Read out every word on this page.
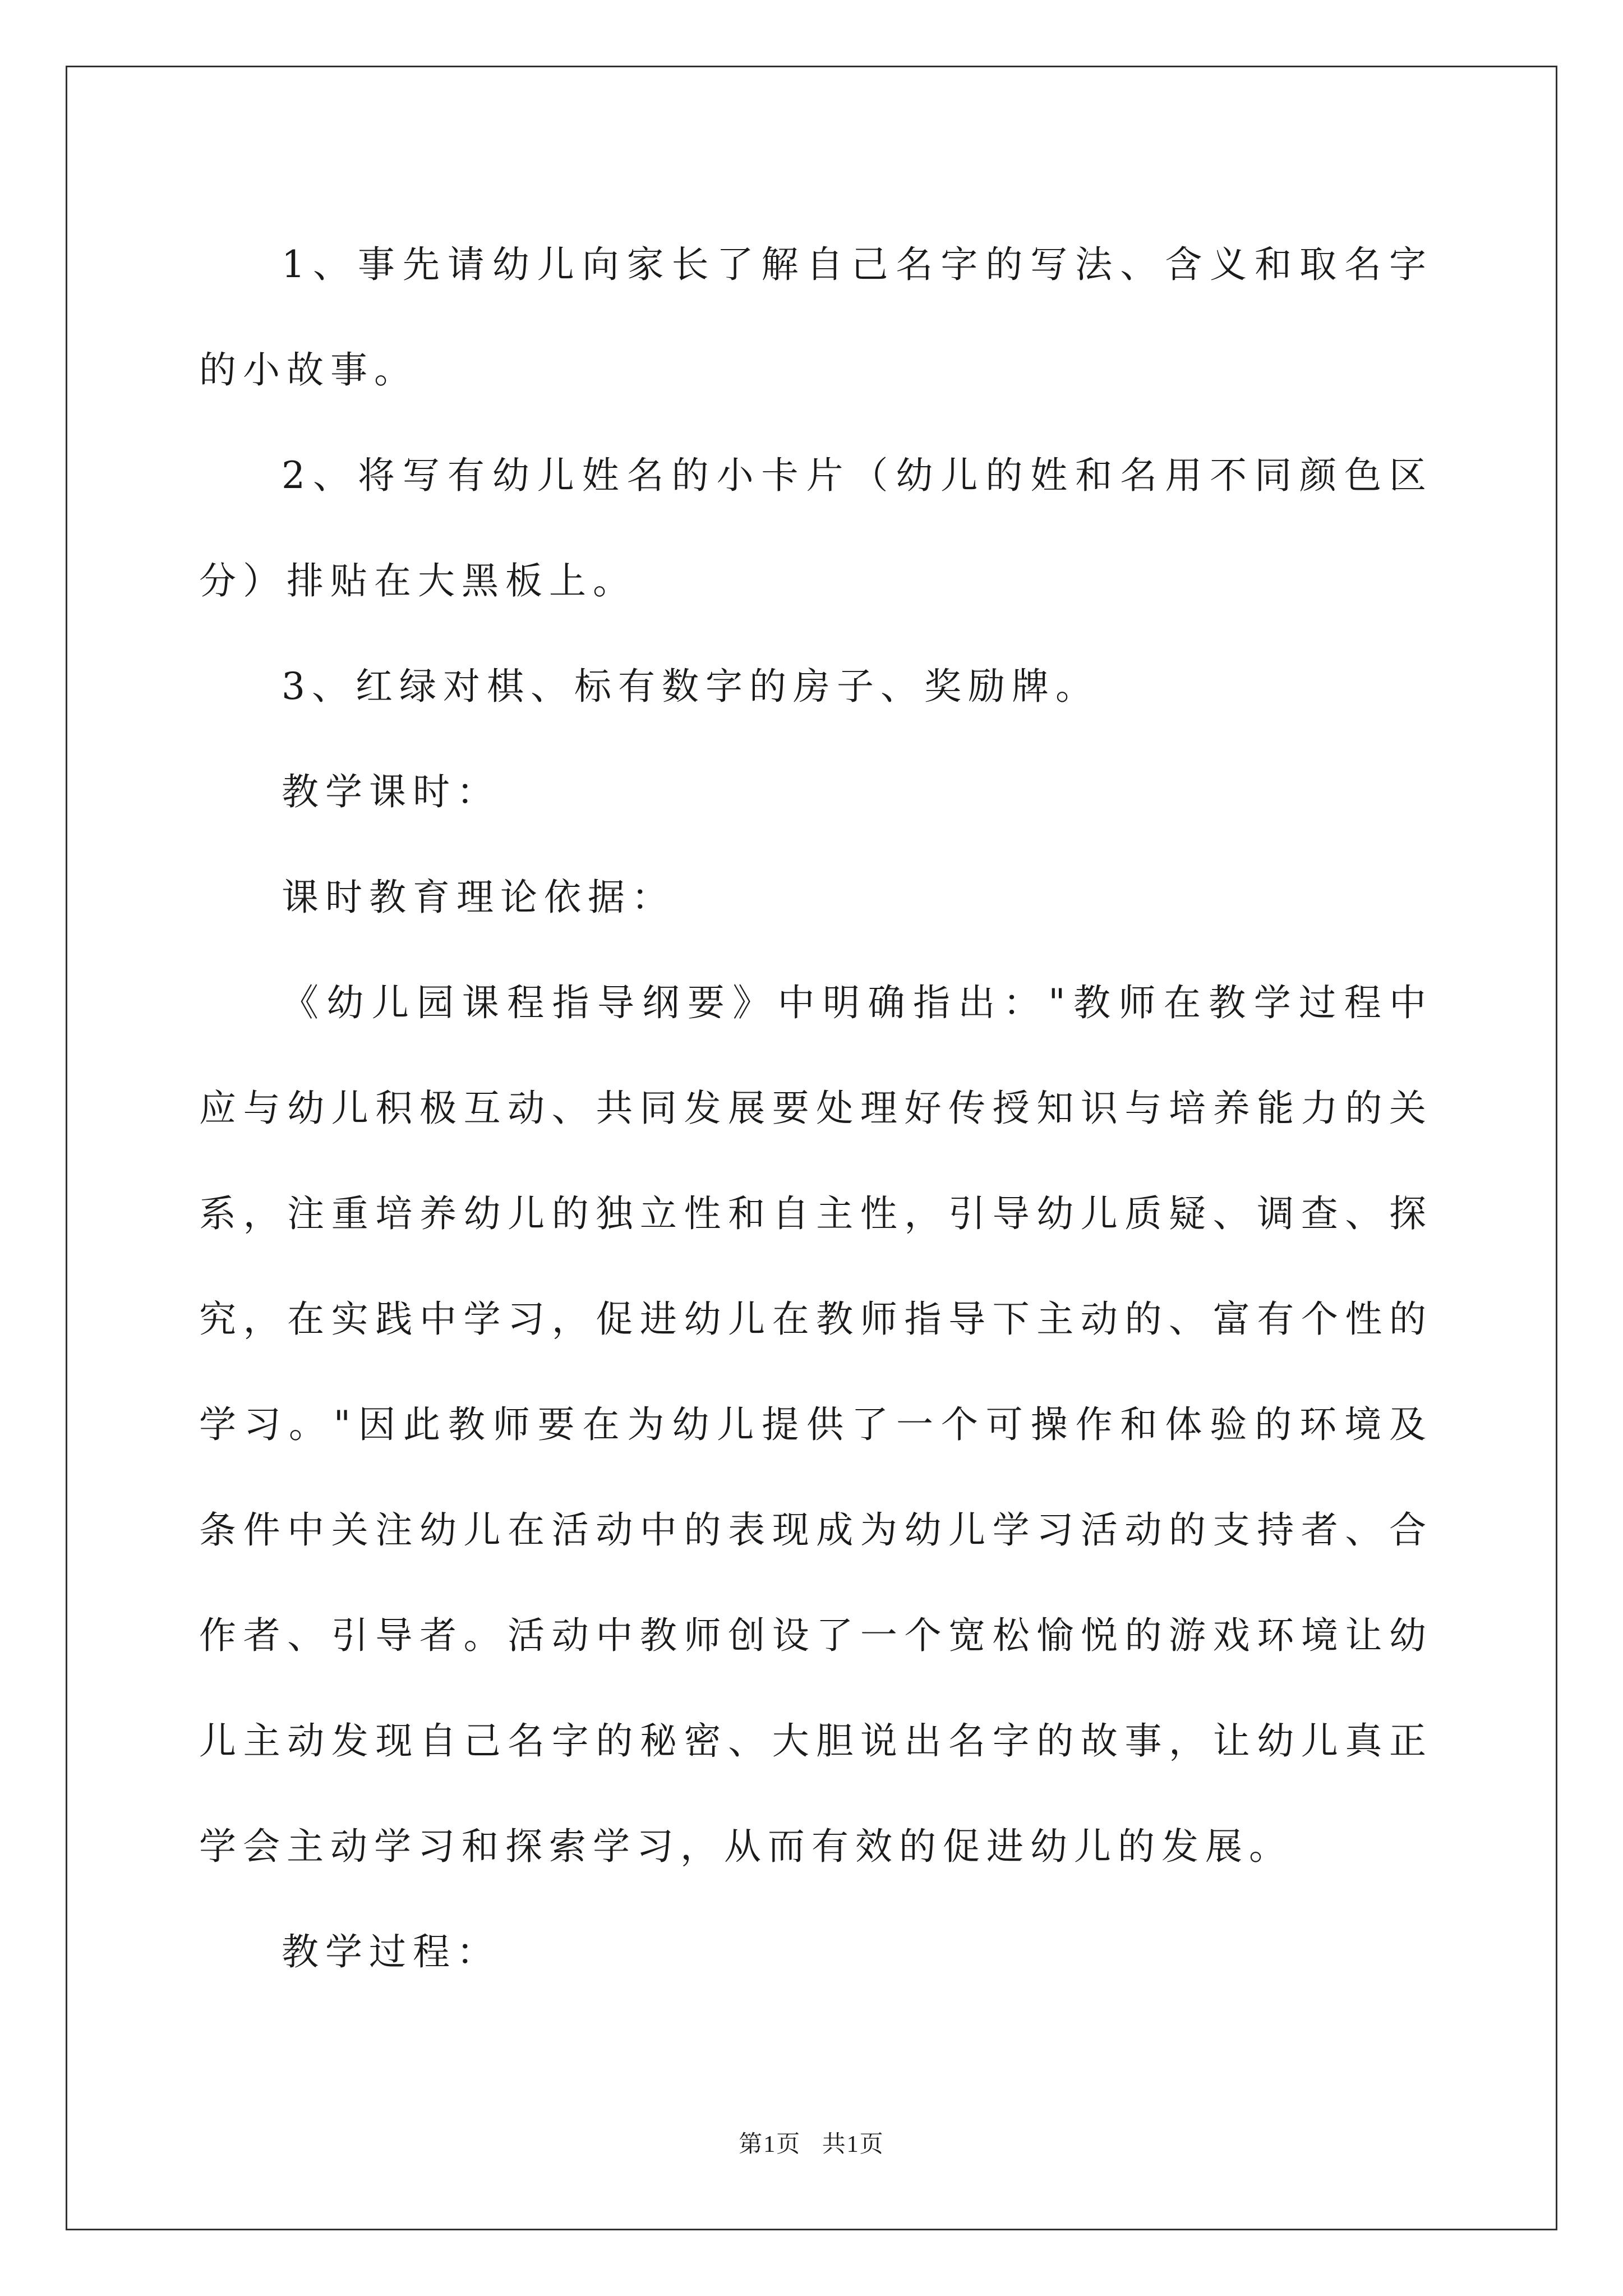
1、事先请幼儿向家长了解自己名字的写法、含义和取名字的小故事。

2、将写有幼儿姓名的小卡片（幼儿的姓和名用不同颜色区分）排贴在大黑板上。

3、红绿对棋、标有数字的房子、奖励牌。

教学课时：

课时教育理论依据：

《幼儿园课程指导纲要》中明确指出："教师在教学过程中应与幼儿积极互动、共同发展要处理好传授知识与培养能力的关系，注重培养幼儿的独立性和自主性，引导幼儿质疑、调查、探究，在实践中学习，促进幼儿在教师指导下主动的、富有个性的学习。"因此教师要在为幼儿提供了一个可操作和体验的环境及条件中关注幼儿在活动中的表现成为幼儿学习活动的支持者、合作者、引导者。活动中教师创设了一个宽松愉悦的游戏环境让幼儿主动发现自己名字的秘密、大胆说出名字的故事，让幼儿真正学会主动学习和探索学习，从而有效的促进幼儿的发展。

教学过程：

第1页 共1页
